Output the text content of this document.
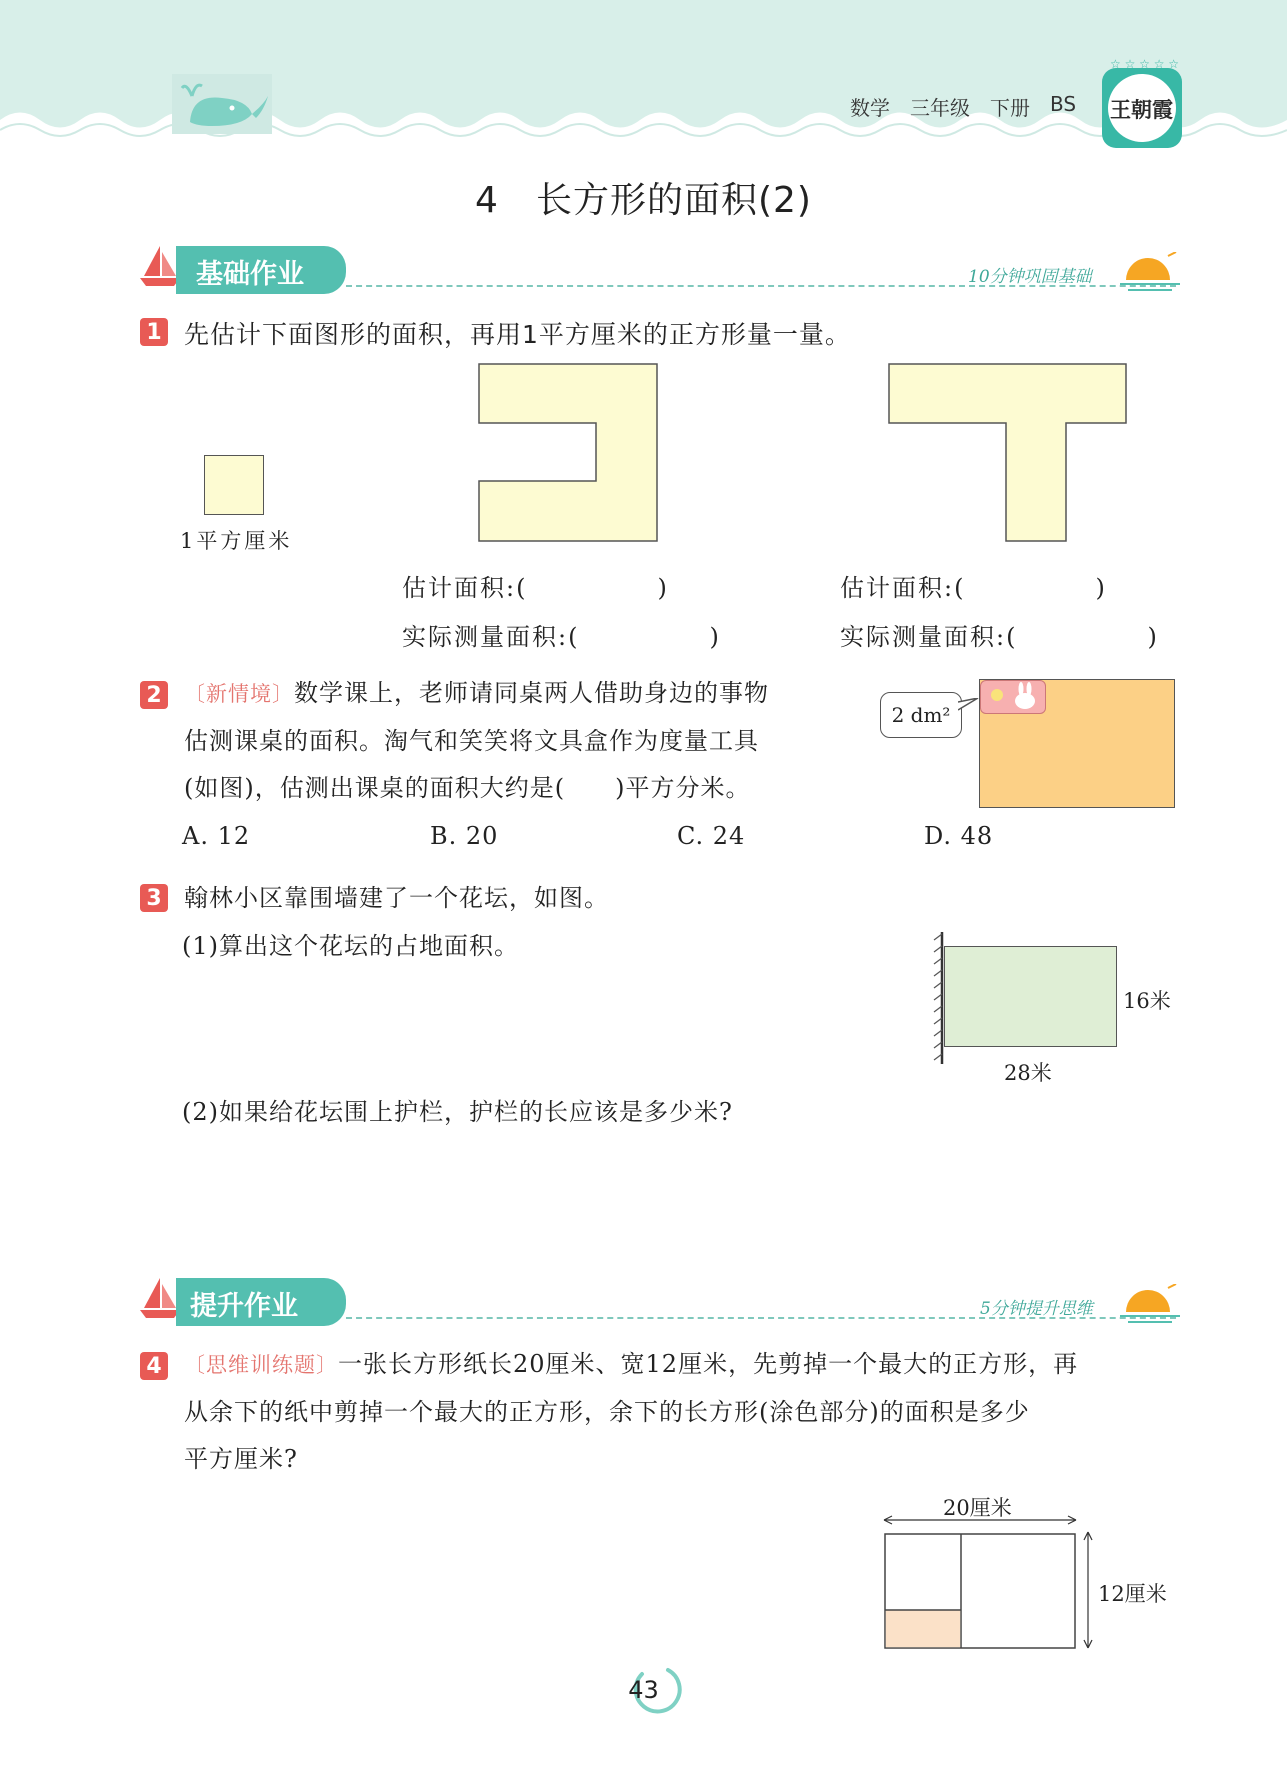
数学 三年级 下册 BS
☆ ☆ ☆ ☆ ☆
王朝霞
4　长方形的面积(2)
基础作业	10分钟巩固基础
1 先估计下面图形的面积，再用1平方厘米的正方形量一量。
1平方厘米
估计面积:(　　　　　)
实际测量面积:(　　　　　)
估计面积:(　　　　　)
实际测量面积:(　　　　　)
2	〔新情境〕数学课上，老师请同桌两人借助身边的事物
估测课桌的面积。淘气和笑笑将文具盒作为度量工具
(如图)，估测出课桌的面积大约是(　　)平方分米。
2 dm²
A. 12	B. 20	C. 24	D. 48
3 翰林小区靠围墙建了一个花坛，如图。
(1)算出这个花坛的占地面积。
16米
28米
(2)如果给花坛围上护栏，护栏的长应该是多少米?
提升作业	5分钟提升思维
4	〔思维训练题〕一张长方形纸长20厘米、宽12厘米，先剪掉一个最大的正方形，再
从余下的纸中剪掉一个最大的正方形，余下的长方形(涂色部分)的面积是多少
平方厘米?
20厘米
12厘米
43
